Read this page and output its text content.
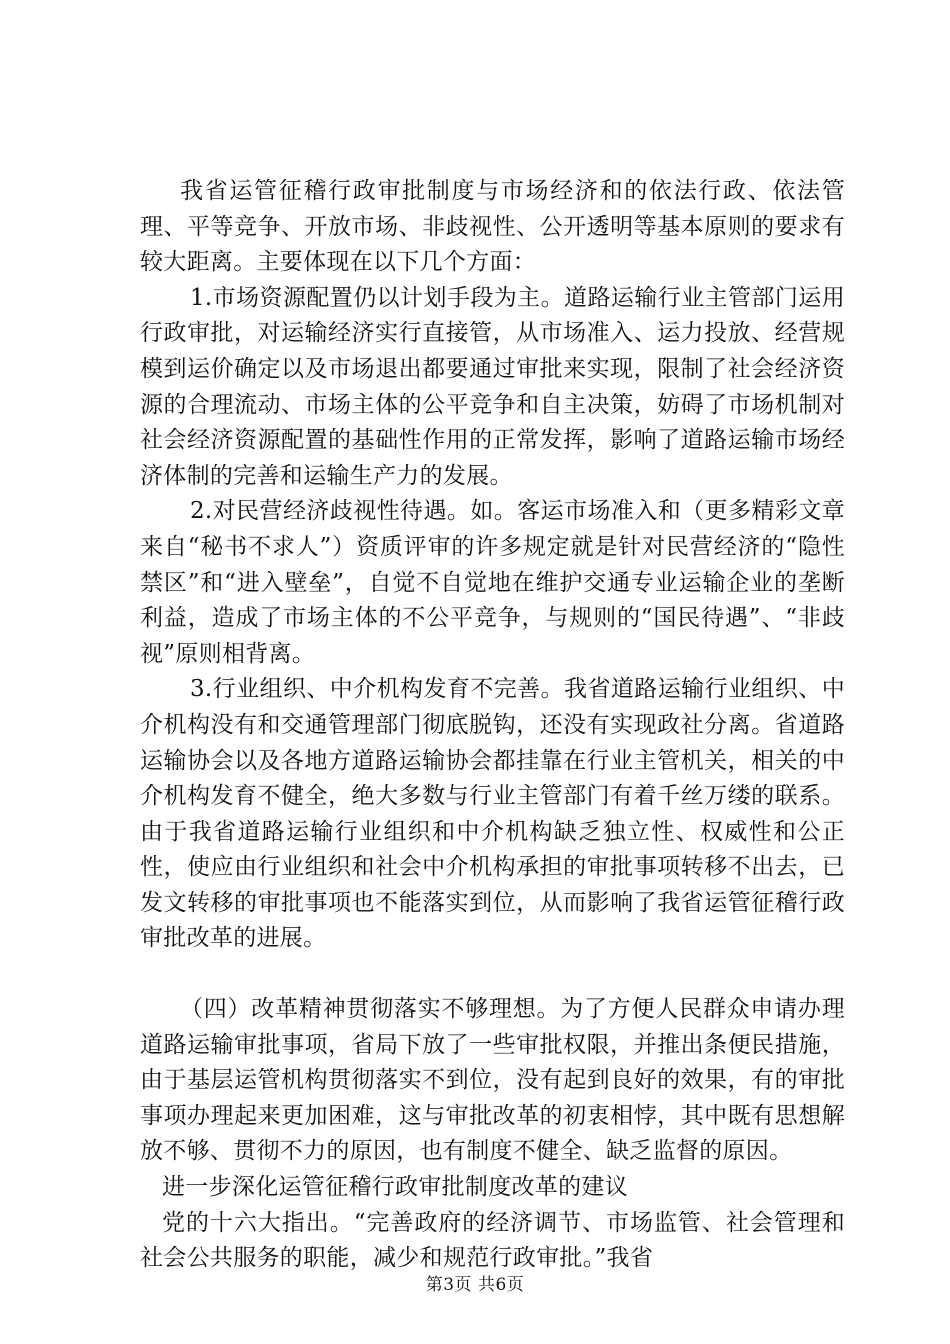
我省运管征稽行政审批制度与市场经济和的依法行政、依法管理、平等竞争、开放市场、非歧视性、公开透明等基本原则的要求有较大距离。主要体现在以下几个方面：

1.市场资源配置仍以计划手段为主。道路运输行业主管部门运用行政审批，对运输经济实行直接管，从市场准入、运力投放、经营规模到运价确定以及市场退出都要通过审批来实现，限制了社会经济资源的合理流动、市场主体的公平竞争和自主决策，妨碍了市场机制对社会经济资源配置的基础性作用的正常发挥，影响了道路运输市场经济体制的完善和运输生产力的发展。

2.对民营经济歧视性待遇。如。客运市场准入和（更多精彩文章来自“秘书不求人”）资质评审的许多规定就是针对民营经济的“隐性禁区”和“进入壁垒”，自觉不自觉地在维护交通专业运输企业的垄断利益，造成了市场主体的不公平竞争，与规则的“国民待遇”、“非歧视”原则相背离。

3.行业组织、中介机构发育不完善。我省道路运输行业组织、中介机构没有和交通管理部门彻底脱钩，还没有实现政社分离。省道路运输协会以及各地方道路运输协会都挂靠在行业主管机关，相关的中介机构发育不健全，绝大多数与行业主管部门有着千丝万缕的联系。由于我省道路运输行业组织和中介机构缺乏独立性、权威性和公正性，使应由行业组织和社会中介机构承担的审批事项转移不出去，已发文转移的审批事项也不能落实到位，从而影响了我省运管征稽行政审批改革的进展。

（四）改革精神贯彻落实不够理想。为了方便人民群众申请办理道路运输审批事项，省局下放了一些审批权限，并推出条便民措施，由于基层运管机构贯彻落实不到位，没有起到良好的效果，有的审批事项办理起来更加困难，这与审批改革的初衷相悖，其中既有思想解放不够、贯彻不力的原因，也有制度不健全、缺乏监督的原因。

进一步深化运管征稽行政审批制度改革的建议

党的十六大指出。“完善政府的经济调节、市场监管、社会管理和社会公共服务的职能，减少和规范行政审批。”我省

第3页 共6页
